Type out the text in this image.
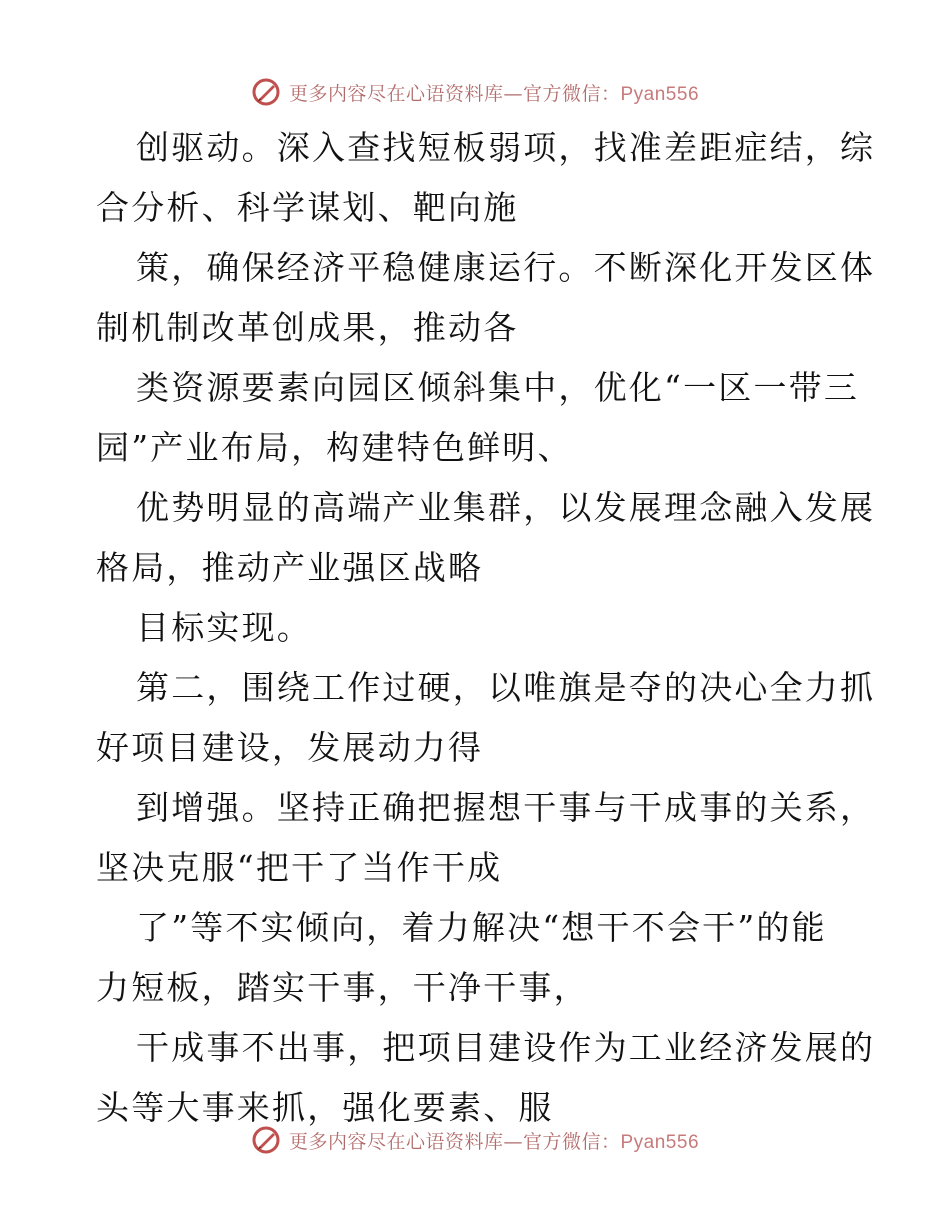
更多内容尽在心语资料库—官方微信：Pyan556

创驱动。深入查找短板弱项，找准差距症结，综
合分析、科学谋划、靶向施

策，确保经济平稳健康运行。不断深化开发区体
制机制改革创成果，推动各

类资源要素向园区倾斜集中，优化“一区一带三
园”产业布局，构建特色鲜明、

优势明显的高端产业集群，以发展理念融入发展
格局，推动产业强区战略

目标实现。

第二，围绕工作过硬，以唯旗是夺的决心全力抓
好项目建设，发展动力得

到增强。坚持正确把握想干事与干成事的关系，
坚决克服“把干了当作干成

了”等不实倾向，着力解决“想干不会干”的能
力短板，踏实干事，干净干事，

干成事不出事，把项目建设作为工业经济发展的
头等大事来抓，强化要素、服

更多内容尽在心语资料库—官方微信：Pyan556
